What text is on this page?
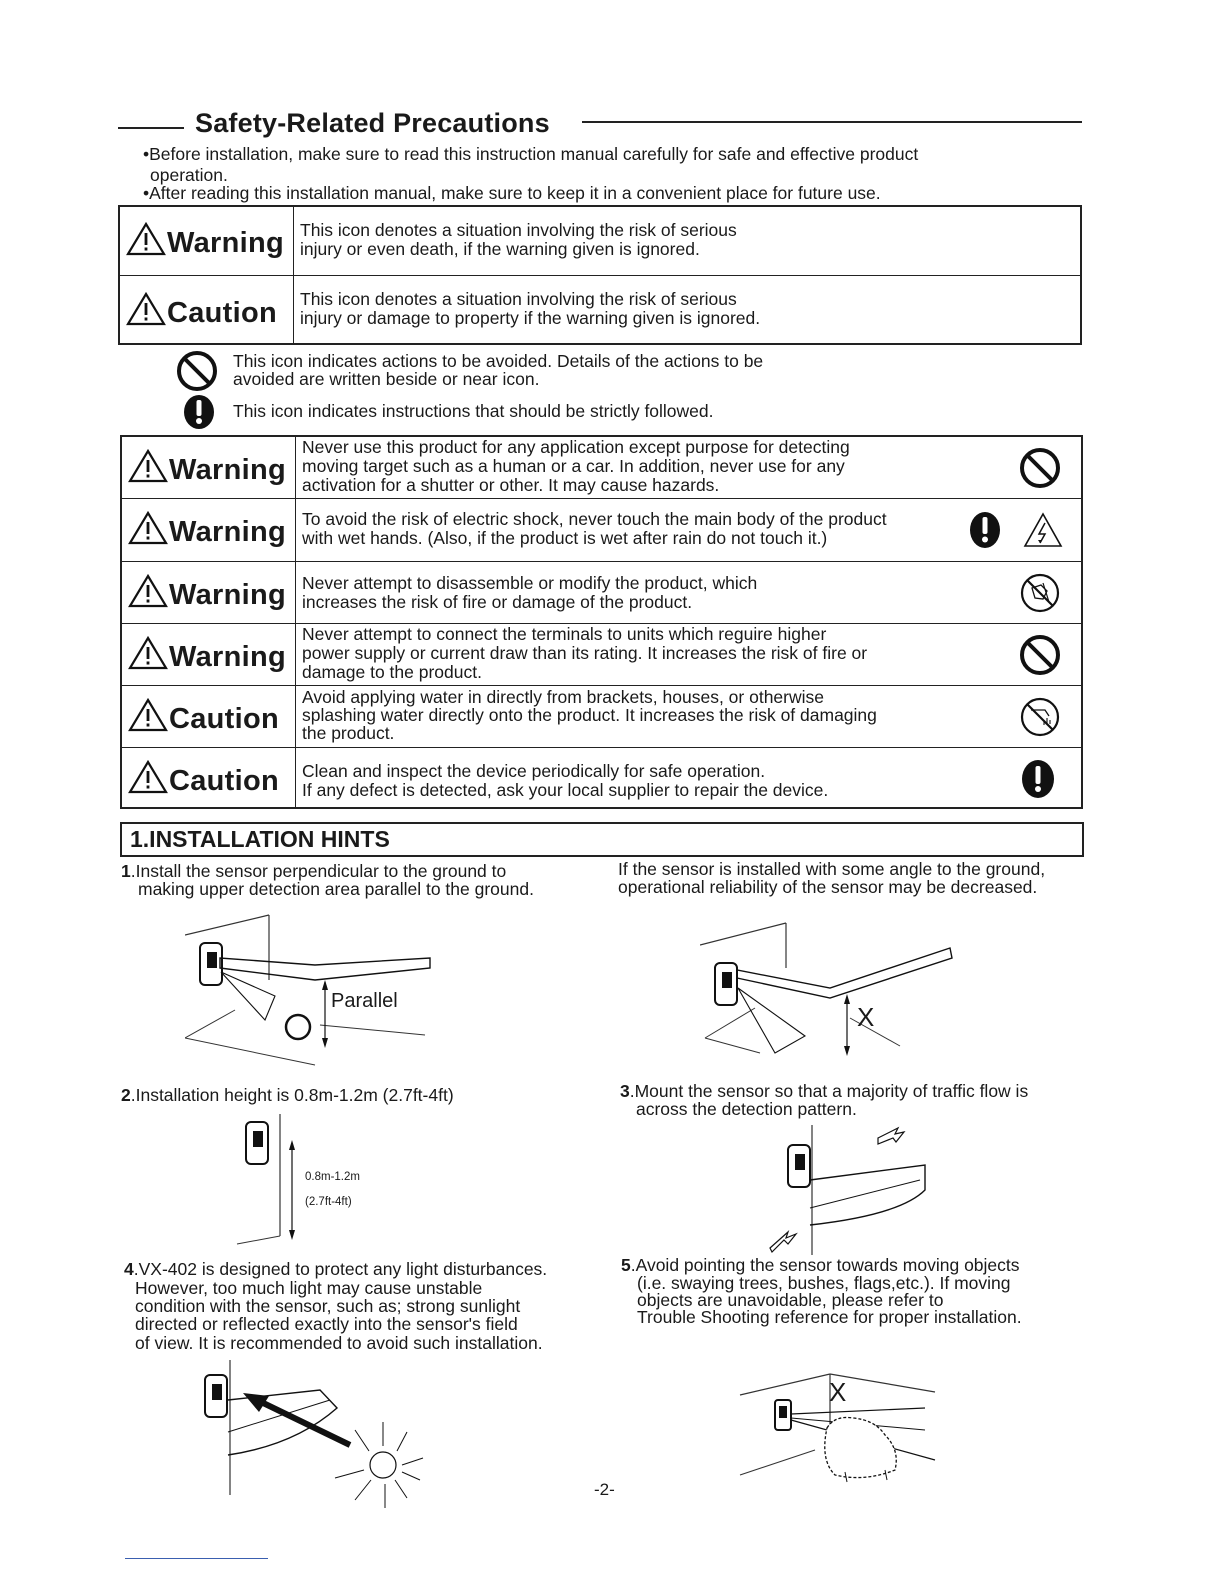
Safety-Related Precautions
•Before installation, make sure to read this instruction manual carefully for safe and effective product
operation.
•After reading this installation manual, make sure to keep it in a convenient place for future use.
Warning This icon denotes a situation involving the risk of serious
injury or even death, if the warning given is ignored.
Caution This icon denotes a situation involving the risk of serious
injury or damage to property if the warning given is ignored.
This icon indicates actions to be avoided. Details of the actions to be
avoided are written beside or near icon.
This icon indicates instructions that should be strictly followed.
Warning
Never use this product for any application except purpose for detecting
moving target such as a human or a car. In addition, never use for any
activation for a shutter or other. It may cause hazards.
Warning To avoid the risk of electric shock, never touch the main body of the product
with wet hands. (Also, if the product is wet after rain do not touch it.)
Warning Never attempt to disassemble or modify the product, which
increases the risk of fire or damage of the product.
Warning
Never attempt to connect the terminals to units which reguire higher
power supply or current draw than its rating. It increases the risk of fire or
damage to the product.
Caution
Avoid applying water in directly from brackets, houses, or otherwise
splashing water directly onto the product. It increases the risk of damaging
the product.
Caution Clean and inspect the device periodically for safe operation.
If any defect is detected, ask your local supplier to repair the device.
1.INSTALLATION HINTS
1.Install the sensor perpendicular to the ground to
making upper detection area parallel to the ground.
If the sensor is installed with some angle to the ground,
operational reliability of the sensor may be decreased.
Parallel
X
2.Installation height is 0.8m-1.2m (2.7ft-4ft)
0.8m-1.2m
(2.7ft-4ft)
3.Mount the sensor so that a majority of traffic flow is
across the detection pattern.
4.VX-402 is designed to protect any light disturbances.
However, too much light may cause unstable
condition with the sensor, such as; strong sunlight
directed or reflected exactly into the sensor's field
of view. It is recommended to avoid such installation.
5.Avoid pointing the sensor towards moving objects
(i.e. swaying trees, bushes, flags,etc.). If moving
objects are unavoidable, please refer to
Trouble Shooting reference for proper installation.
X
-2-
